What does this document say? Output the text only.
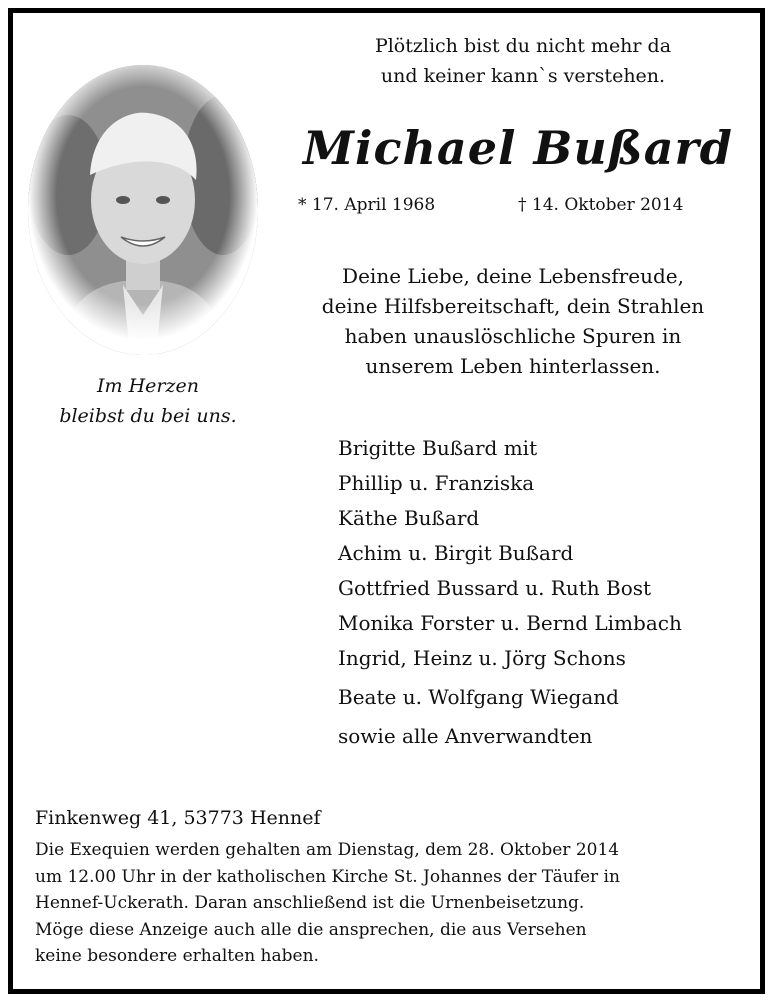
Plötzlich bist du nicht mehr da
und keiner kann`s verstehen.
Im Herzen
bleibst du bei uns.
Michael Bußard
* 17. April 1968	† 14. Oktober 2014
Deine Liebe, deine Lebensfreude,
deine Hilfsbereitschaft, dein Strahlen
haben unauslöschliche Spuren in
unserem Leben hinterlassen.
Brigitte Bußard mit
Phillip u. Franziska
Käthe Bußard
Achim u. Birgit Bußard
Gottfried Bussard u. Ruth Bost
Monika Forster u. Bernd Limbach
Ingrid, Heinz u. Jörg Schons
Beate u. Wolfgang Wiegand
sowie alle Anverwandten
Finkenweg 41, 53773 Hennef
Die Exequien werden gehalten am Dienstag, dem 28. Oktober 2014
um 12.00 Uhr in der katholischen Kirche St. Johannes der Täufer in
Hennef-Uckerath. Daran anschließend ist die Urnenbeisetzung.
Möge diese Anzeige auch alle die ansprechen, die aus Versehen
keine besondere erhalten haben.
